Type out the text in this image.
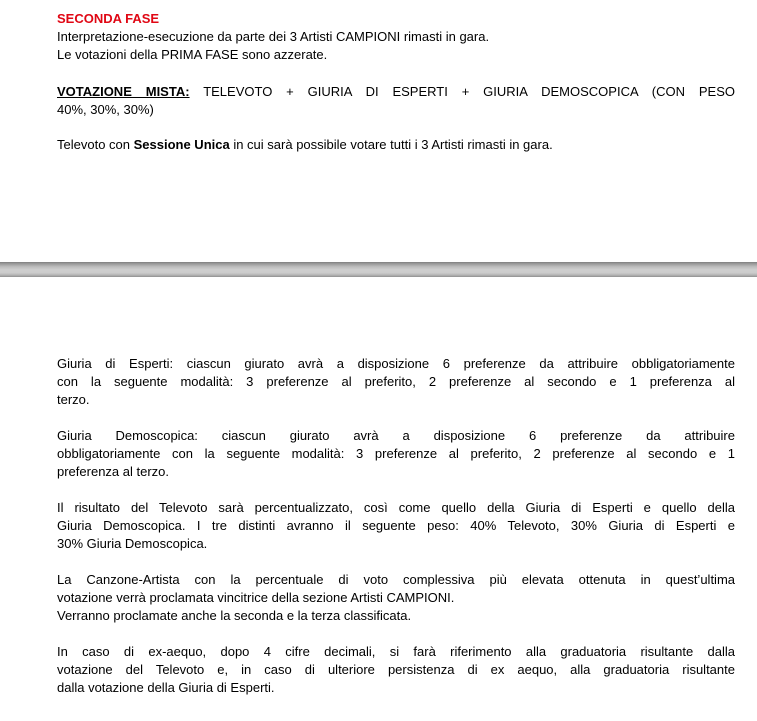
SECONDA FASE
Interpretazione-esecuzione da parte dei 3 Artisti CAMPIONI rimasti in gara.
Le votazioni della PRIMA FASE sono azzerate.
VOTAZIONE MISTA: TELEVOTO + GIURIA DI ESPERTI + GIURIA DEMOSCOPICA (CON PESO
40%, 30%, 30%)
Televoto con Sessione Unica in cui sarà possibile votare tutti i 3 Artisti rimasti in gara.
Giuria di Esperti: ciascun giurato avrà a disposizione 6 preferenze da attribuire obbligatoriamente
con la seguente modalità: 3 preferenze al preferito, 2 preferenze al secondo e 1 preferenza al
terzo.
Giuria Demoscopica: ciascun giurato avrà a disposizione 6 preferenze da attribuire
obbligatoriamente con la seguente modalità: 3 preferenze al preferito, 2 preferenze al secondo e 1
preferenza al terzo.
Il risultato del Televoto sarà percentualizzato, così come quello della Giuria di Esperti e quello della
Giuria Demoscopica. I tre distinti avranno il seguente peso: 40% Televoto, 30% Giuria di Esperti e
30% Giuria Demoscopica.
La Canzone-Artista con la percentuale di voto complessiva più elevata ottenuta in quest’ultima
votazione verrà proclamata vincitrice della sezione Artisti CAMPIONI.
Verranno proclamate anche la seconda e la terza classificata.
In caso di ex-aequo, dopo 4 cifre decimali, si farà riferimento alla graduatoria risultante dalla
votazione del Televoto e, in caso di ulteriore persistenza di ex aequo, alla graduatoria risultante
dalla votazione della Giuria di Esperti.
